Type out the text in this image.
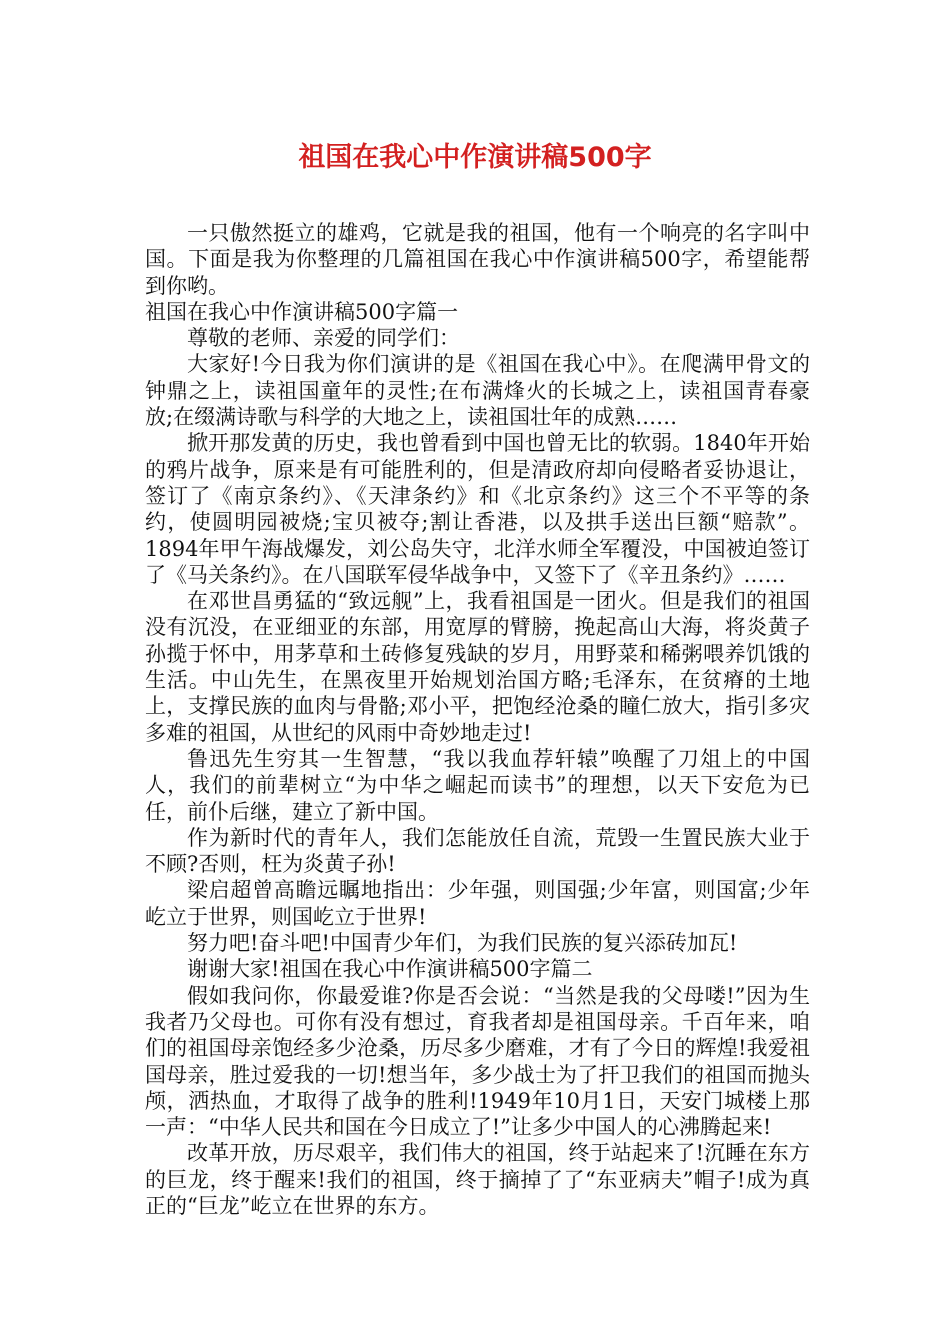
祖国在我心中作演讲稿500字

一只傲然挺立的雄鸡，它就是我的祖国，他有一个响亮的名字叫中国。下面是我为你整理的几篇祖国在我心中作演讲稿500字，希望能帮到你哟。

祖国在我心中作演讲稿500字篇一

尊敬的老师、亲爱的同学们：

大家好!今日我为你们演讲的是《祖国在我心中》。在爬满甲骨文的钟鼎之上，读祖国童年的灵性;在布满烽火的长城之上，读祖国青春豪放;在缀满诗歌与科学的大地之上，读祖国壮年的成熟……

掀开那发黄的历史，我也曾看到中国也曾无比的软弱。1840年开始的鸦片战争，原来是有可能胜利的，但是清政府却向侵略者妥协退让，签订了《南京条约》、《天津条约》和《北京条约》这三个不平等的条约，使圆明园被烧;宝贝被夺;割让香港，以及拱手送出巨额“赔款”。1894年甲午海战爆发，刘公岛失守，北洋水师全军覆没，中国被迫签订了《马关条约》。在八国联军侵华战争中，又签下了《辛丑条约》……

在邓世昌勇猛的“致远舰”上，我看祖国是一团火。但是我们的祖国没有沉没，在亚细亚的东部，用宽厚的臂膀，挽起高山大海，将炎黄子孙揽于怀中，用茅草和土砖修复残缺的岁月，用野菜和稀粥喂养饥饿的生活。中山先生，在黑夜里开始规划治国方略;毛泽东，在贫瘠的土地上，支撑民族的血肉与骨骼;邓小平，把饱经沧桑的瞳仁放大，指引多灾多难的祖国，从世纪的风雨中奇妙地走过!

鲁迅先生穷其一生智慧，“我以我血荐轩辕”唤醒了刀俎上的中国人，我们的前辈树立“为中华之崛起而读书”的理想，以天下安危为已任，前仆后继，建立了新中国。

作为新时代的青年人，我们怎能放任自流，荒毁一生置民族大业于不顾?否则，枉为炎黄子孙!

梁启超曾高瞻远瞩地指出：少年强，则国强;少年富，则国富;少年屹立于世界，则国屹立于世界!

努力吧!奋斗吧!中国青少年们，为我们民族的复兴添砖加瓦!

谢谢大家!祖国在我心中作演讲稿500字篇二

假如我问你，你最爱谁?你是否会说：“当然是我的父母喽!”因为生我者乃父母也。可你有没有想过，育我者却是祖国母亲。千百年来，咱们的祖国母亲饱经多少沧桑，历尽多少磨难，才有了今日的辉煌!我爱祖国母亲，胜过爱我的一切!想当年，多少战士为了扞卫我们的祖国而抛头颅，洒热血，才取得了战争的胜利!1949年10月1日，天安门城楼上那一声：“中华人民共和国在今日成立了!”让多少中国人的心沸腾起来!

改革开放，历尽艰辛，我们伟大的祖国，终于站起来了!沉睡在东方的巨龙，终于醒来!我们的祖国，终于摘掉了了“东亚病夫”帽子!成为真正的“巨龙”屹立在世界的东方。
